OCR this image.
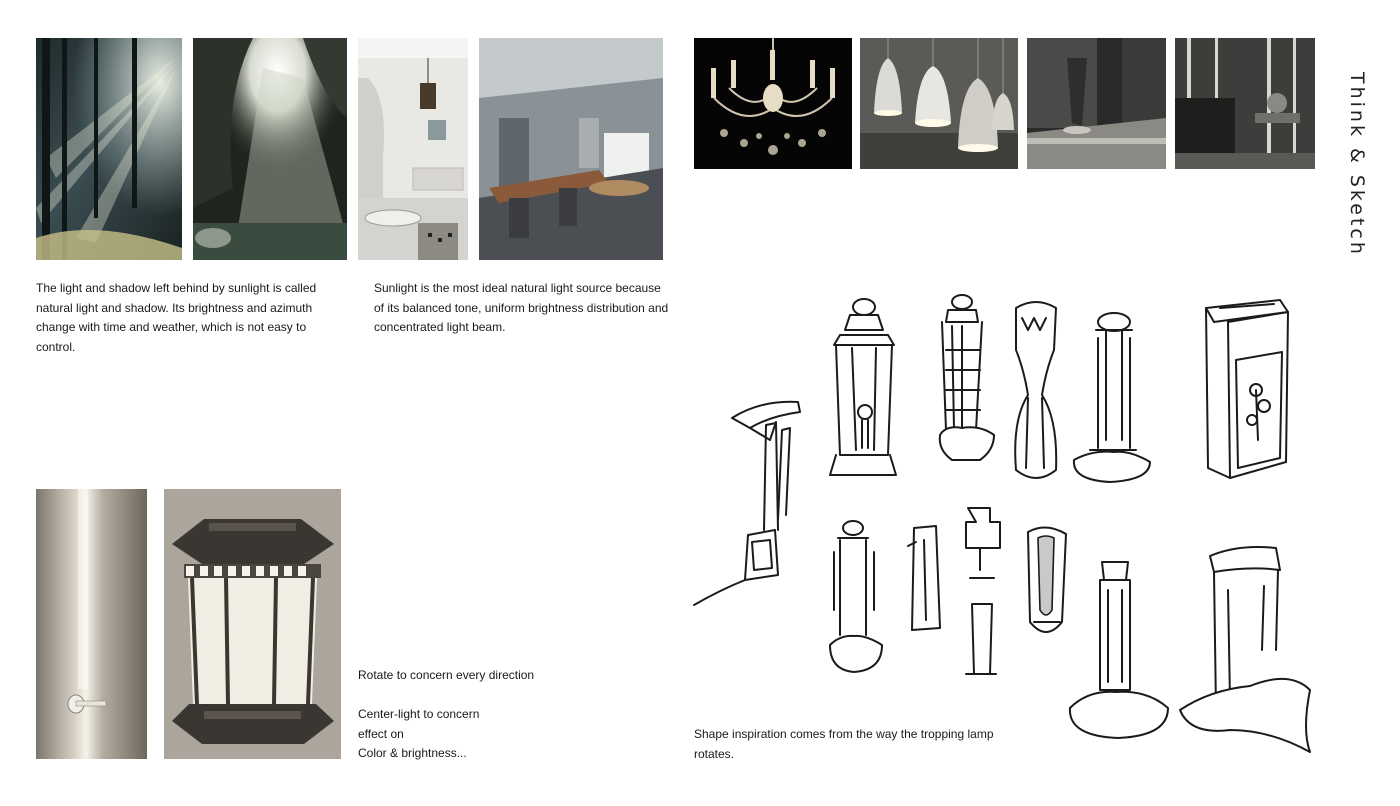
Think & Sketch
The light and shadow left behind by sunlight is called
natural light and shadow. Its brightness and azimuth
change with time and weather, which is not easy to
control.
Sunlight is the most ideal natural light source because
of its balanced tone, uniform brightness distribution and
concentrated light beam.
Rotate to concern every direction

Center-light to concern
effect on
Color & brightness...
Shape inspiration comes from the way the tropping lamp
rotates.
